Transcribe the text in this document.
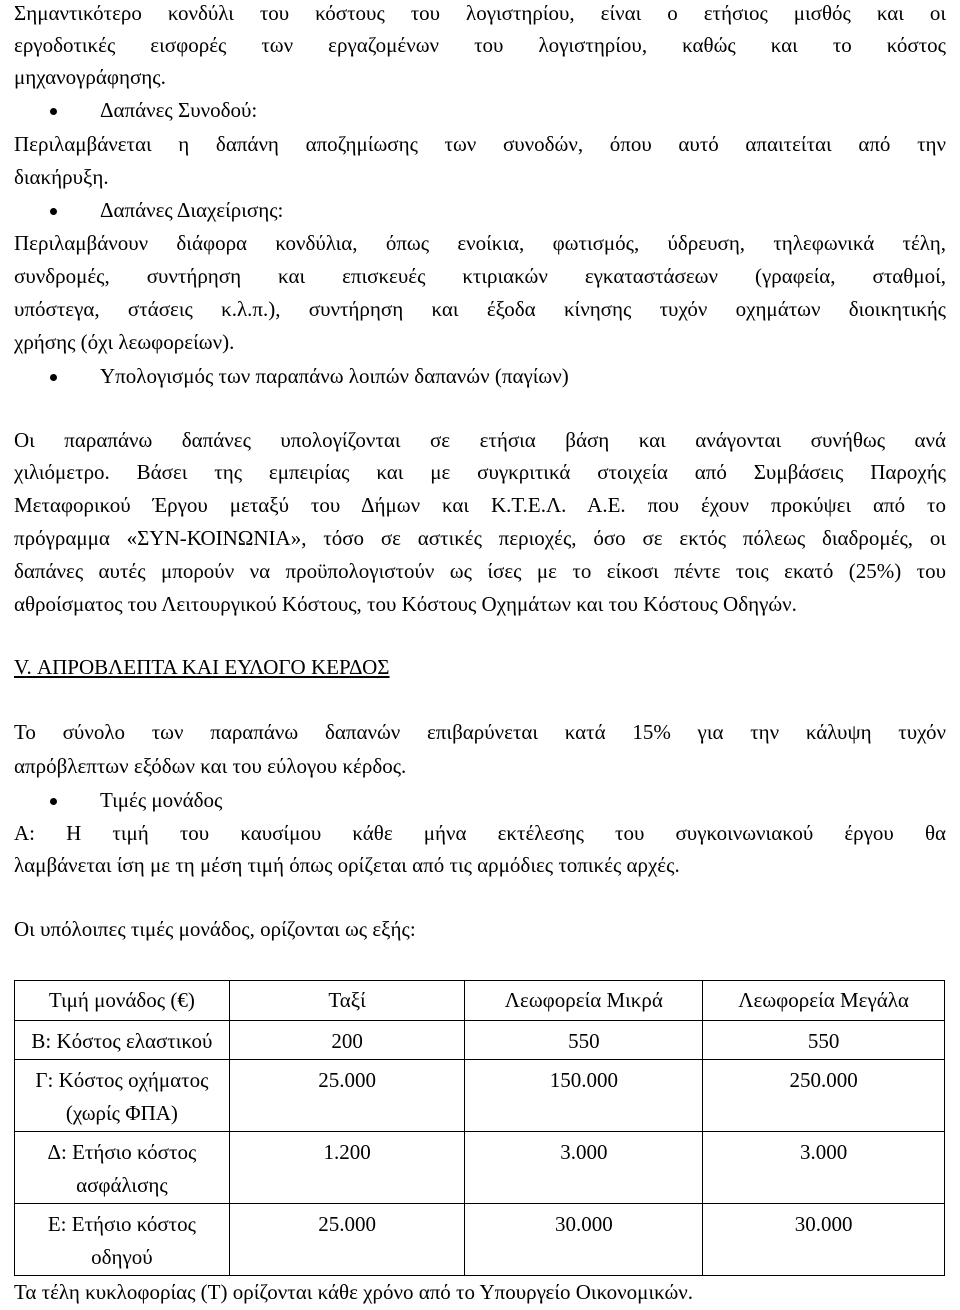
Σημαντικότερο κονδύλι του κόστους του λογιστηρίου, είναι ο ετήσιος μισθός και οι
εργοδοτικές εισφορές των εργαζομένων του λογιστηρίου, καθώς και το κόστος
μηχανογράφησης.
Δαπάνες Συνοδού:
Περιλαμβάνεται η δαπάνη αποζημίωσης των συνοδών, όπου αυτό απαιτείται από την
διακήρυξη.
Δαπάνες Διαχείρισης:
Περιλαμβάνουν διάφορα κονδύλια, όπως ενοίκια, φωτισμός, ύδρευση, τηλεφωνικά τέλη,
συνδρομές, συντήρηση και επισκευές κτιριακών εγκαταστάσεων (γραφεία, σταθμοί,
υπόστεγα, στάσεις κ.λ.π.), συντήρηση και έξοδα κίνησης τυχόν οχημάτων διοικητικής
χρήσης (όχι λεωφορείων).
Υπολογισμός των παραπάνω λοιπών δαπανών (παγίων)
Οι παραπάνω δαπάνες υπολογίζονται σε ετήσια βάση και ανάγονται συνήθως ανά
χιλιόμετρο. Βάσει της εμπειρίας και με συγκριτικά στοιχεία από Συμβάσεις Παροχής
Μεταφορικού Έργου μεταξύ του Δήμων και Κ.Τ.Ε.Λ. Α.Ε. που έχουν προκύψει από το
πρόγραμμα «ΣΥΝ-ΚΟΙΝΩΝΙΑ», τόσο σε αστικές περιοχές, όσο σε εκτός πόλεως διαδρομές, οι
δαπάνες αυτές μπορούν να προϋπολογιστούν ως ίσες με το είκοσι πέντε τοις εκατό (25%) του
αθροίσματος του Λειτουργικού Κόστους, του Κόστους Οχημάτων και του Κόστους Οδηγών.
V. ΑΠΡΟΒΛΕΠΤΑ ΚΑΙ ΕΥΛΟΓΟ ΚΕΡΔΟΣ
Το σύνολο των παραπάνω δαπανών επιβαρύνεται κατά 15% για την κάλυψη τυχόν
απρόβλεπτων εξόδων και του εύλογου κέρδος.
Τιμές μονάδος
Α: Η τιμή του καυσίμου κάθε μήνα εκτέλεσης του συγκοινωνιακού έργου θα
λαμβάνεται ίση με τη μέση τιμή όπως ορίζεται από τις αρμόδιες τοπικές αρχές.
Οι υπόλοιπες τιμές μονάδος, ορίζονται ως εξής:
Τιμή μονάδος (€)	Ταξί	Λεωφορεία Μικρά	Λεωφορεία Μεγάλα
Β: Κόστος ελαστικού	200	550	550
Γ: Κόστος οχήματος (χωρίς ΦΠΑ)	25.000	150.000	250.000
Δ: Ετήσιο κόστος ασφάλισης	1.200	3.000	3.000
Ε: Ετήσιο κόστος οδηγού	25.000	30.000	30.000
Τα τέλη κυκλοφορίας (Τ) ορίζονται κάθε χρόνο από το Υπουργείο Οικονομικών.
